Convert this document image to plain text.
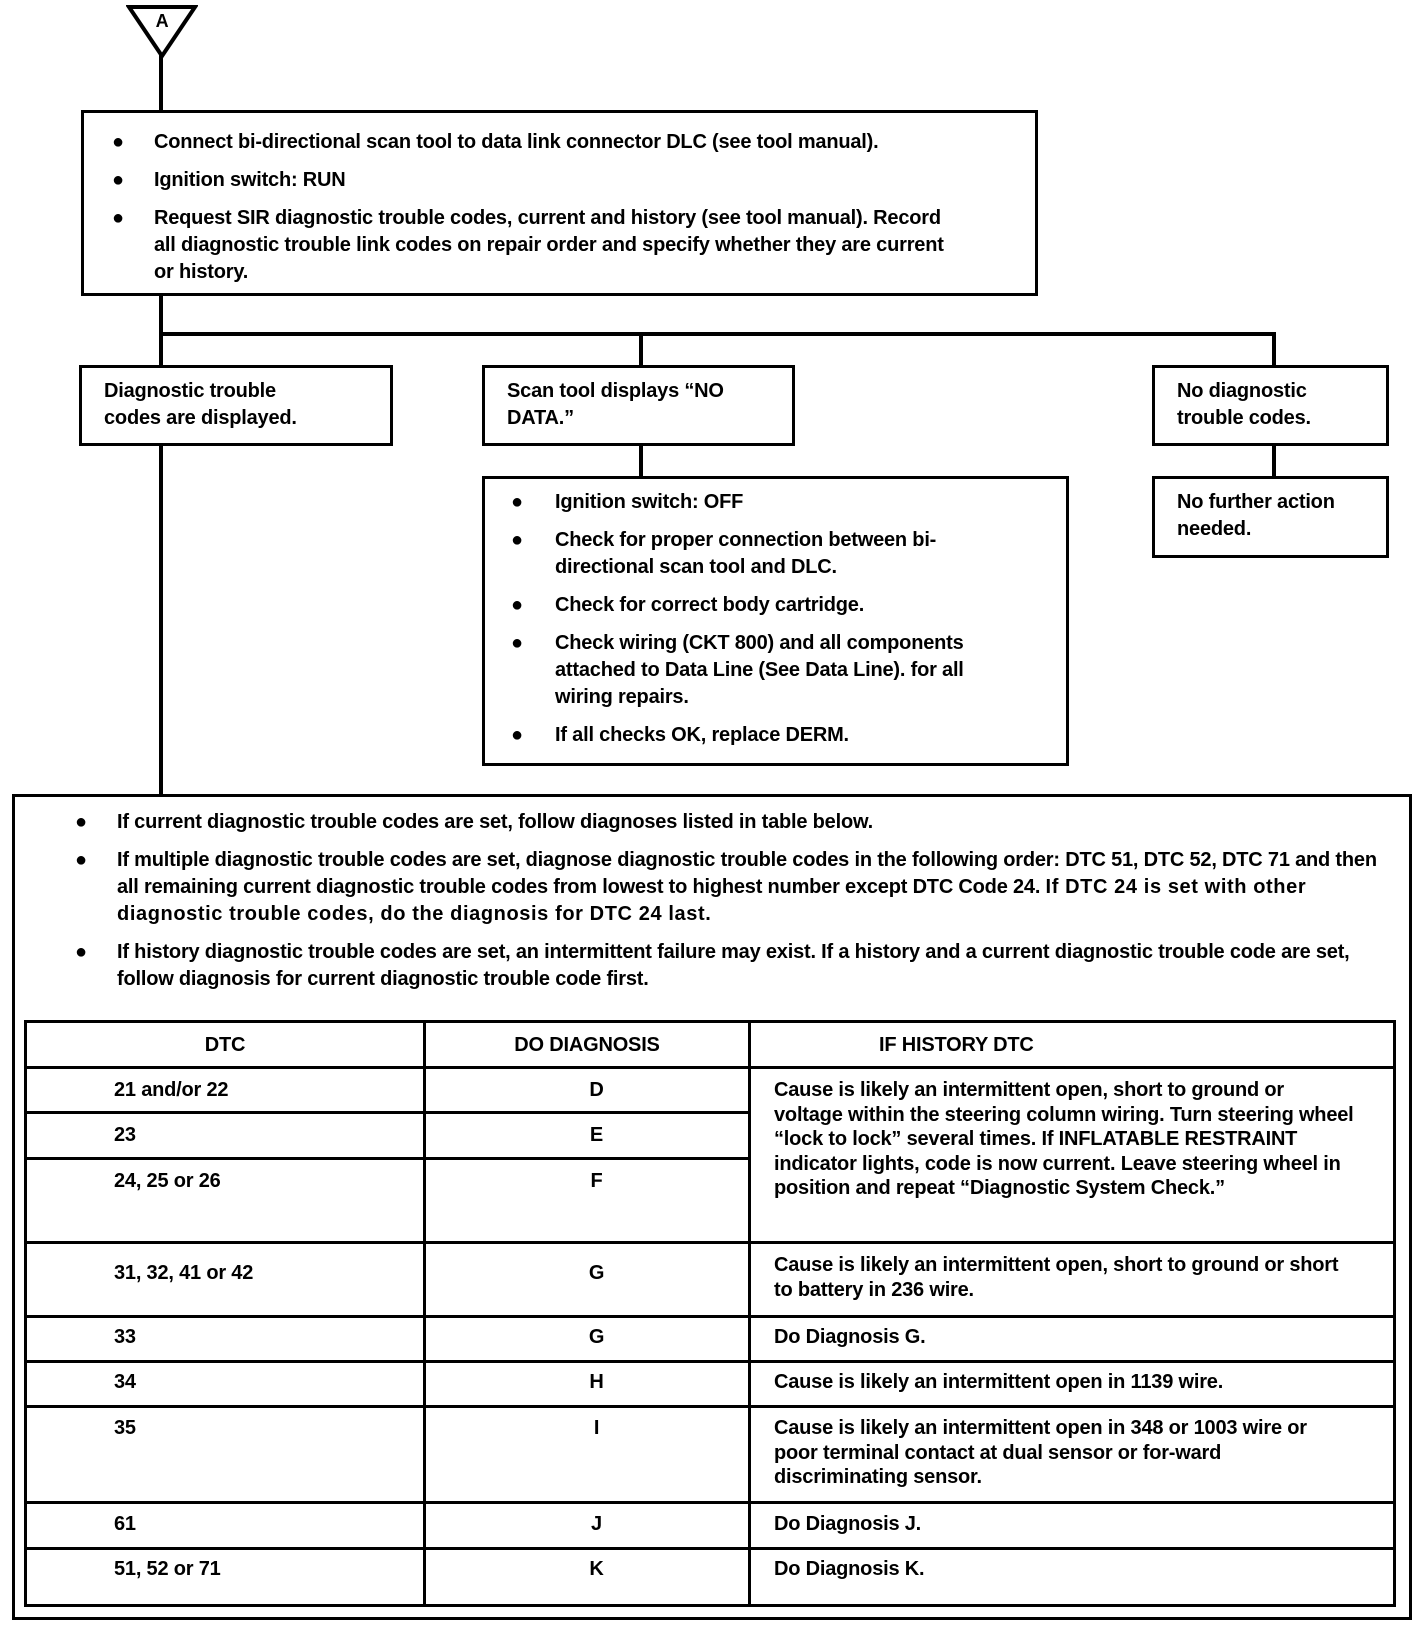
A
● Connect bi-directional scan tool to data link connector DLC (see tool manual).
● Ignition switch: RUN
● Request SIR diagnostic trouble codes, current and history (see tool manual). Record all diagnostic trouble link codes on repair order and specify whether they are current or history.
Diagnostic trouble codes are displayed.
Scan tool displays “NO DATA.”
No diagnostic trouble codes.
No further action needed.
● Ignition switch: OFF
● Check for proper connection between bi-directional scan tool and DLC.
● Check for correct body cartridge.
● Check wiring (CKT 800) and all components attached to Data Line (See Data Line). for all wiring repairs.
● If all checks OK, replace DERM.
● If current diagnostic trouble codes are set, follow diagnoses listed in table below.
● If multiple diagnostic trouble codes are set, diagnose diagnostic trouble codes in the following order: DTC 51, DTC 52, DTC 71 and then all remaining current diagnostic trouble codes from lowest to highest number except DTC Code 24. If DTC 24 is set with other diagnostic trouble codes, do the diagnosis for DTC 24 last.
● If history diagnostic trouble codes are set, an intermittent failure may exist. If a history and a current diagnostic trouble code are set, follow diagnosis for current diagnostic trouble code first.
DTC	DO DIAGNOSIS	IF HISTORY DTC
21 and/or 22
23
24, 25 or 26
31, 32, 41 or 42
33
34
35
61
51, 52 or 71
D
E
F
G
G
H
I
J
K
Cause is likely an intermittent open, short to ground or voltage within the steering column wiring. Turn steering wheel “lock to lock” several times. If INFLATABLE RESTRAINT indicator lights, code is now current. Leave steering wheel in position and repeat “Diagnostic System Check.”
Cause is likely an intermittent open, short to ground or short to battery in 236 wire.
Do Diagnosis G.
Cause is likely an intermittent open in 1139 wire.
Cause is likely an intermittent open in 348 or 1003 wire or poor terminal contact at dual sensor or for-ward discriminating sensor.
Do Diagnosis J.
Do Diagnosis K.
